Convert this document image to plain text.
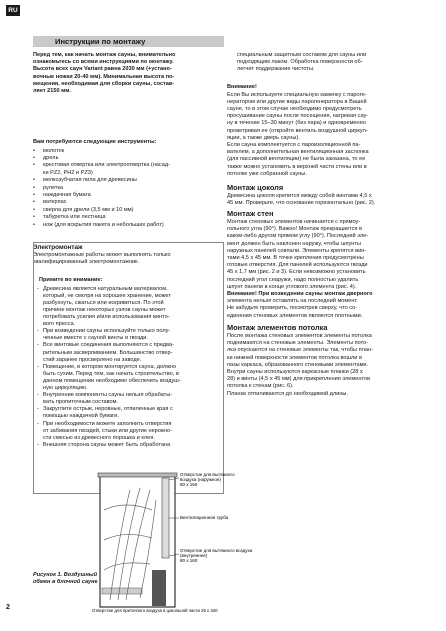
RU
Инструкции по монтажу
Перед тем, как начать монтаж сауны, внимательно
ознакомьтесь со всеми инструкциями по монтажу.
Высота всех саун Variant равна 2030 мм (+устано-
вочные ножки 20-40 мм). Минимальная высота по-
мещения, необходимая для сборки сауны, состав-
ляет 2150 мм.
Вам потребуются следующие инструменты:
• молоток
• дрель
• крестовая отвертка или электроотвертка (насад-
ки PZ2, PH2 и PZ3)
• мелкозубчатая пила для древесины
• рулетка
• наждачная бумага
• ватерпас
• сверла для дрели (3,5 мм и 10 мм)
• табуретка или лестница
• нож (для вскрытия пакета и небольших работ)
Электромонтаж
Электромонтажные работы может выполнять только
квалифицированный электромонтажник.
Примите во внимание:
- Древесина является натуральным материалом,
который, не смотря на хорошее хранение, может
разбухнуть, сжаться или искривиться. По этой
причине монтаж некоторых узлов сауны может
потребовать усилия и/или использования винто-
вого пресса.
- При возведении сауны используйте только полу-
ченные вместе с сауной винты и гвозди.
- Все винтовые соединения выполняются с предва-
рительным засверливанием. Большинство отвер-
стий заранее просверлено на заводе.
- Помещение, в котором монтируется сауна, должно
быть сухим. Перед тем, как начать строительство, в
данном помещении необходимо обеспечить воздуш-
ную циркуляцию.
- Внутренние компоненты сауны нельзя обрабаты-
вать пропиточным составом.
- Закруглите острые, неровные, отпиленные края с
помощью наждачной бумаги.
- При необходимости можете заполнить отверстия
от забивания гвоздей, стыки или другие неровно-
сти смесью из древесного порошка и клея.
- Внешняя сторона сауны может быть обработана
специальным защитным составом для сауны или
подходящим лаком. Обработка поверхности об-
легчит поддержание чистоты.
Внимание!
Если Вы используете специальную каменку с пароге-
нератором или другие виды парогенератора в Вашей
сауне, то в этом случае необходимо предусмотреть
просушивание сауны после посещения, нагревая сау-
ну в течение 15–30 минут (без пара) и одновременно
проветривая ее (откройте вентиль воздушной циркул-
яции, а также дверь сауны).
Если сауна комплектуется с пароизоляционной па-
вателем, а дополнительная вентиляционная заслонка
(для пассивной вентиляции) не была заказана, то ее
также можно установить в верхней части стены или в
потолке уже собранной сауны.
Монтаж цоколя
Древесина цоколя крепится между собой винтами 4,5 х
45 мм. Проверьте, что основание горизонтально (рис. 2).
Монтаж стен
Монтаж стеновых элементов начинается с прямоу-
гольного угла (90°). Важно! Монтаж прекращается в
каком-либо другом прямом углу (90°). Последний эле-
мент должен быть наклонен наружу, чтобы шпунты
наружных панелей совпали. Элементы крепятся вин-
тами 4,5 х 45 мм. В точке крепления предусмотрены
готовые отверстия. Для панелей используются гвозди
45 х 1,7 мм (рис. 2 и 3). Если невозможно установить
последний угол снаружи, надо полностью удалить
шпунт панели в конце углового элемента (рис. 4).
Внимание! При возведении сауны монтаж дверного
элемента нельзя оставлять на последний момент.
Не забудьте проверить, посмотрев сверху, что со-
единения стеновых элементов являются плотными.
Монтаж элементов потолка
После монтажа стеновых элементов элементы потолка
поднимаются на стеновые элементы. Элементы пото-
лка опускаются на стеновые элементы так, чтобы план-
ки нижней поверхности элементов потолка вошли в
пазы каркаса, образованного стеновыми элементами.
Внутри сауны используются каркасные планки (28 х
28) и винты (4,5 х 45 мм) для прикрепления элементов
потолка к стенам (рис. 6).
Планки отпиливаются до необходимой длины.
Отверстие для вытяжного
воздуха (наружное)
80 x 160
Вентиляционная труба
Отверстие для вытяжного воздуха
(внутреннее)
80 x 160
Отверстие для приточного воздуха в цокольной части 25 x 320
Рисунок 1. Воздушный
обмен в блочной сауне
2
